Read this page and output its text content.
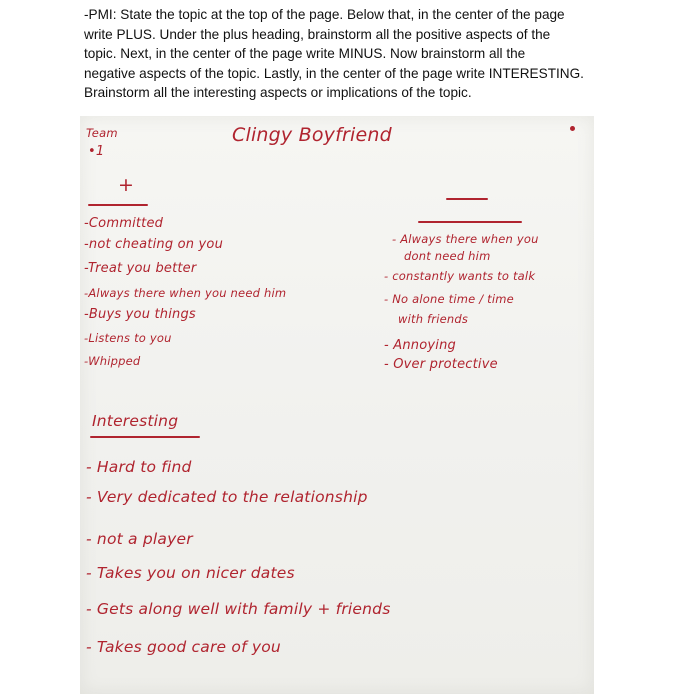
-PMI: State the topic at the top of the page. Below that, in the center of the page
write PLUS. Under the plus heading, brainstorm all the positive aspects of the
topic. Next, in the center of the page write MINUS. Now brainstorm all the
negative aspects of the topic. Lastly, in the center of the page write INTERESTING.
Brainstorm all the interesting aspects or implications of the topic.
Team
•1
Clingy Boyfriend
+
-Committed
-not cheating on you
-Treat you better
-Always there when you need him
-Buys you things
-Listens to you
-Whipped
- Always there when you
dont need him
- constantly wants to talk
- No alone time / time
with friends
- Annoying
- Over protective
Interesting
- Hard to find
- Very dedicated to the relationship
- not a player
- Takes you on nicer dates
- Gets along well with family + friends
- Takes good care of you
